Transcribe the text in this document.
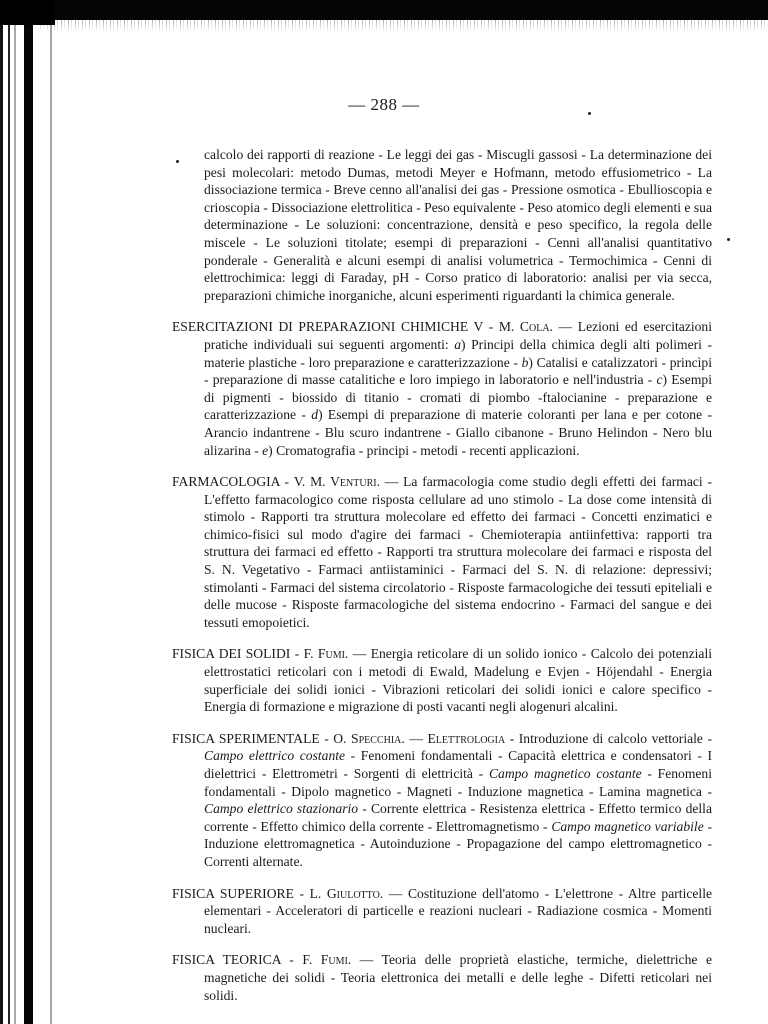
— 288 —

calcolo dei rapporti di reazione - Le leggi dei gas - Miscugli gassosi - La determinazione dei pesi molecolari: metodo Dumas, metodi Meyer e Hofmann, metodo effusiometrico - La dissociazione termica - Breve cenno all'analisi dei gas - Pressione osmotica - Ebullioscopia e crioscopia - Dissociazione elettrolitica - Peso equivalente - Peso atomico degli elementi e sua determinazione - Le soluzioni: concentrazione, densità e peso specifico, la regola delle miscele - Le soluzioni titolate; esempi di preparazioni - Cenni all'analisi quantitativo ponderale - Generalità e alcuni esempi di analisi volumetrica - Termochimica - Cenni di elettrochimica: leggi di Faraday, pH - Corso pratico di laboratorio: analisi per via secca, preparazioni chimiche inorganiche, alcuni esperimenti riguardanti la chimica generale.

ESERCITAZIONI DI PREPARAZIONI CHIMICHE V - M. Cola. — Lezioni ed esercitazioni pratiche individuali sui seguenti argomenti: a) Principi della chimica degli alti polimeri - materie plastiche - loro preparazione e caratterizzazione - b) Catalisi e catalizzatori - princìpi - preparazione di masse catalitiche e loro impiego in laboratorio e nell'industria - c) Esempi di pigmenti - biossido di titanio - cromati di piombo -ftalocianine - preparazione e caratterizzazione - d) Esempi di preparazione di materie coloranti per lana e per cotone - Arancio indantrene - Blu scuro indantrene - Giallo cibanone - Bruno Helindon - Nero blu alizarina - e) Cromatografia - principi - metodi - recenti applicazioni.

FARMACOLOGIA - V. M. Venturi. — La farmacologia come studio degli effetti dei farmaci - L'effetto farmacologico come risposta cellulare ad uno stimolo - La dose come intensità di stimolo - Rapporti tra struttura molecolare ed effetto dei farmaci - Concetti enzimatici e chimico-fisici sul modo d'agire dei farmaci - Chemioterapia antiinfettiva: rapporti tra struttura dei farmaci ed effetto - Rapporti tra struttura molecolare dei farmaci e risposta del S. N. Vegetativo - Farmaci antiistaminici - Farmaci del S. N. di relazione: depressivi; stimolanti - Farmaci del sistema circolatorio - Risposte farmacologiche dei tessuti epiteliali e delle mucose - Risposte farmacologiche del sistema endocrino - Farmaci del sangue e dei tessuti emopoietici.

FISICA DEI SOLIDI - F. Fumi. — Energia reticolare di un solido ionico - Calcolo dei potenziali elettrostatici reticolari con i metodi di Ewald, Madelung e Evjen - Höjendahl - Energia superficiale dei solidi ionici - Vibrazioni reticolari dei solidi ionici e calore specifico - Energia di formazione e migrazione di posti vacanti negli alogenuri alcalini.

FISICA SPERIMENTALE - O. Specchia. — Elettrologia - Introduzione di calcolo vettoriale - Campo elettrico costante - Fenomeni fondamentali - Capacità elettrica e condensatori - I dielettrici - Elettrometri - Sorgenti di elettricità - Campo magnetico costante - Fenomeni fondamentali - Dipolo magnetico - Magneti - Induzione magnetica - Lamina magnetica - Campo elettrico stazionario - Corrente elettrica - Resistenza elettrica - Effetto termico della corrente - Effetto chimico della corrente - Elettromagnetismo - Campo magnetico variabile - Induzione elettromagnetica - Autoinduzione - Propagazione del campo elettromagnetico - Correnti alternate.

FISICA SUPERIORE - L. Giulotto. — Costituzione dell'atomo - L'elettrone - Altre particelle elementari - Acceleratori di particelle e reazioni nucleari - Radiazione cosmica - Momenti nucleari.

FISICA TEORICA - F. Fumi. — Teoria delle proprietà elastiche, termiche, dielettriche e magnetiche dei solidi - Teoria elettronica dei metalli e delle leghe - Difetti reticolari nei solidi.
